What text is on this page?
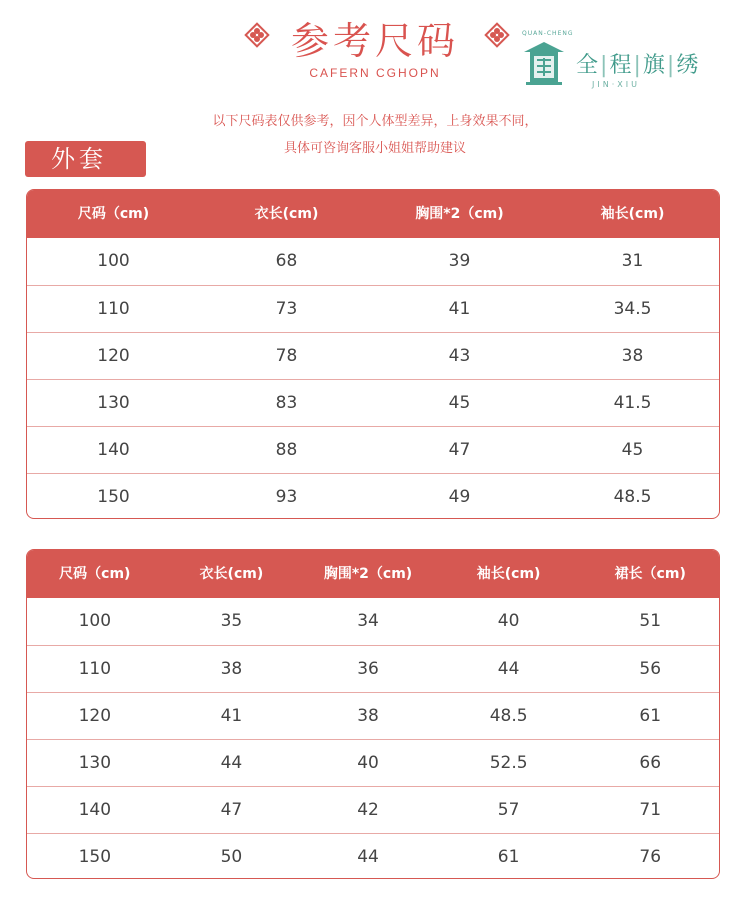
参考尺码
CAFERN CGHOPN
以下尺码表仅供参考，因个人体型差异，上身效果不同，
具体可咨询客服小姐姐帮助建议
QUAN-CHENG
全|程|旗|绣
JIN·XIU
外套
尺码（cm)	衣长(cm)	胸围*2（cm)	袖长(cm)
100	68	39	31
110	73	41	34.5
120	78	43	38
130	83	45	41.5
140	88	47	45
150	93	49	48.5
尺码（cm)	衣长(cm)	胸围*2（cm)	袖长(cm)	裙长（cm)
100	35	34	40	51
110	38	36	44	56
120	41	38	48.5	61
130	44	40	52.5	66
140	47	42	57	71
150	50	44	61	76
